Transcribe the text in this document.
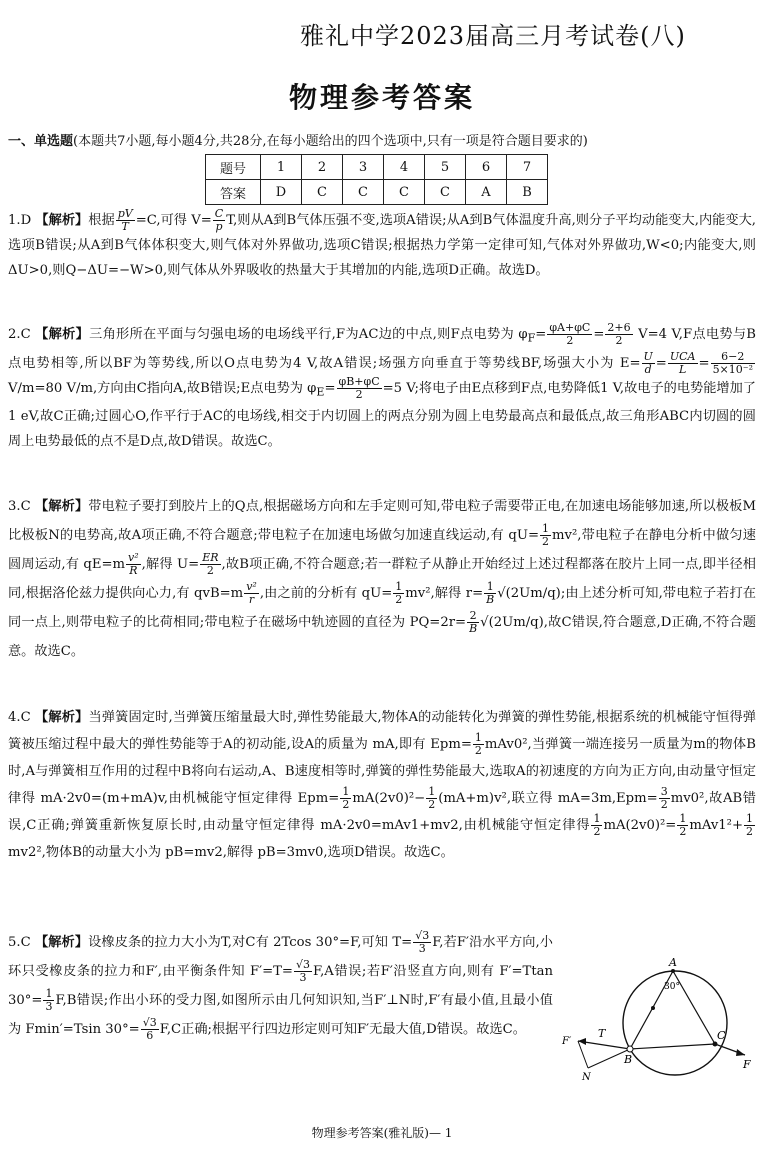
雅礼中学2023届高三月考试卷(八)
物理参考答案
一、单选题(本题共7小题,每小题4分,共28分,在每小题给出的四个选项中,只有一项是符合题目要求的)
题号	1	2	3	4	5	6	7
答案	D	C	C	C	C	A	B
1.D 【解析】根据 $\frac{pV}{T} =C$,可得 $V= \frac{C}{p} T$,则从A到B气体压强不变,选项A错误;从A到B气体温度升高,则分子平均动能变大,内能变大,选项B错误;从A到B气体体积变大,则气体对外界做功,选项C错误;根据热力学第一定律可知,气体对外界做功,W<0;内能变大,则ΔU>0,则Q−ΔU=−W>0,则气体从外界吸收的热量大于其增加的内能,选项D正确。故选D。
2.C 【解析】三角形所在平面与匀强电场的电场线平行,F为AC边的中点,则F点电势为 $\varphi_F= \frac{\varphi A+\varphi C}{2} = \frac{2+6}{2} V=4$ V,F点电势与B点电势相等,所以BF为等势线,所以O点电势为4 V,故A错误;场强方向垂直于等势线BF,场强大小为 $E= \frac{U}{d} = \frac{\text{UCA}}{L} = \frac{6-2}{\text{5×10⁻²}}$
V/m=80 V/m,方向由C指向A,故B错误;E点电势为 $\varphi_E= \frac{\varphi B+\varphi C}{2} =5$ V;将电子由E点移到F点,电势降低1 V,故电子的电势能增加了1 eV,故C正确;过圆心O,作平行于AC的电场线,相交于内切圆上的两点分别为圆上电势最高点和最低点,故三角形ABC内切圆的圆周上电势最低的点不是D点,故D错误。故选C。
3.C 【解析】带电粒子要打到胶片上的Q点,根据磁场方向和左手定则可知,带电粒子需要带正电,在加速电场能够加速,所以极板M比极板N的电势高,故A项正确,不符合题意;带电粒子在加速电场做匀加速直线运动,有 $qU= \frac{1}{2} mv^2$,带电粒子在静电分析中做匀速圆周运动,有 $qE=m \frac{\text{v²}}{R}$ ,解得 $U= \frac{ER}{2}$ ,故B项正确,不符合题意;若一群粒子从静止开始经过上述过程都落在胶片上同一点,即半径相同,根据洛伦兹力提供向心力,有 $qvB=m \frac{\text{v²}}{r}$ ,由之前的分析有 $qU= \frac{1}{2} mv^2$,解得 $r= \frac{1}{B} √(2Um/q)$;由上述分析可知,带电粒子若打在同一点上,则带电粒子的比荷相同;带电粒子在磁场中轨迹圆的直径为 $PQ=2r= \frac{2}{B} √(2Um/q)$,故C错误,符合题意,D正确,不符合题意。故选C。
4.C 【解析】当弹簧固定时,当弹簧压缩量最大时,弹性势能最大,物体A的动能转化为弹簧的弹性势能,根据系统的机械能守恒得弹簧被压缩过程中最大的弹性势能等于A的初动能,设A的质量为 mA,即有 $Epm= \frac{1}{2} mAv0^2$,当弹簧一端连接另一质量为m的物体B时,A与弹簧相互作用的过程中B将向右运动,A、B速度相等时,弹簧的弹性势能最大,选取A的初速度的方向为正方向,由动量守恒定律得 mA·2v0=(m+mA)v,由机械能守恒定律得 $Epm= \frac{1}{2} mA(2v0)^2- \frac{1}{2} (mA+m)v^2$,联立得 $mA=3m,Epm= \frac{3}{2} mv0^2$,故AB错误,C正确;弹簧重新恢复原长时,由动量守恒定律得 mA·2v0=mAv1+mv2,由机械能守恒定律得 $\frac{1}{2} mA(2v0)^2= \frac{1}{2} mAv1^2+ \frac{1}{2}$
mv2²,物体B的动量大小为 pB=mv2,解得 pB=3mv0,选项D错误。故选C。
5.C 【解析】设橡皮条的拉力大小为T,对C有 2Tcos 30°=F,可知 $T= \frac{√3}{3} F$,若F′沿水平方向,小环只受橡皮条的拉力和F′,由平衡条件知 $F'=T= \frac{√3}{3} F,A$错误;若F′沿竖直方向,则有 F′=Ttan $30^\circ= \frac{1}{3} F,B$错误;作出小环的受力图,如图所示由几何知识知,当F′⊥N时,F′有最小值,且最小值为 Fmin′=Tsin $30^\circ= \frac{√3}{6} F,C$正确;根据平行四边形定则可知F′无最大值,D错误。故选C。
A
B
C
30°
T
F
F′
N
物理参考答案(雅礼版)— 1
